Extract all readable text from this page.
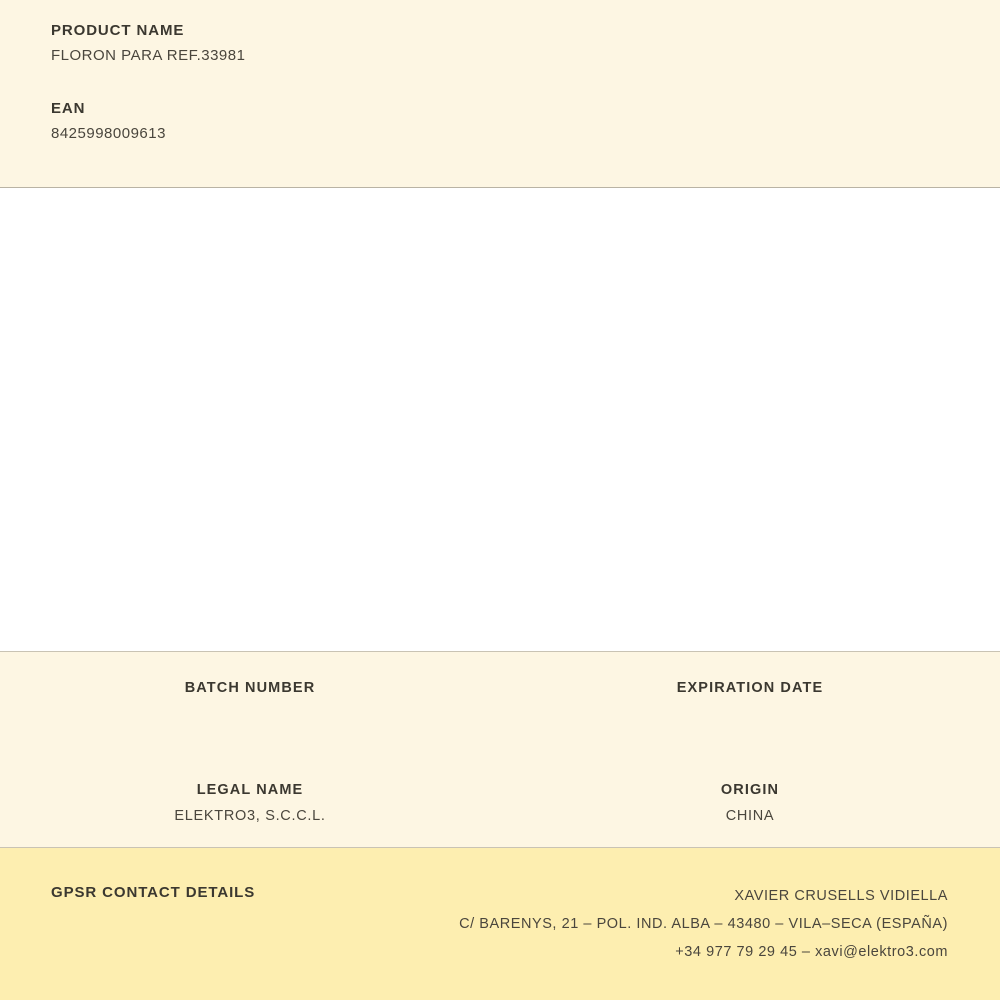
PRODUCT NAME

FLORON PARA REF.33981

EAN

8425998009613

BATCH NUMBER	EXPIRATION DATE

LEGAL NAME

ELEKTRO3, S.C.C.L.

ORIGIN

CHINA

GPSR CONTACT DETAILS	XAVIER CRUSELLS VIDIELLA
C/ BARENYS, 21 – POL. IND. ALBA – 43480 – VILA–SECA (ESPAÑA)
+34 977 79 29 45 – xavi@elektro3.com
